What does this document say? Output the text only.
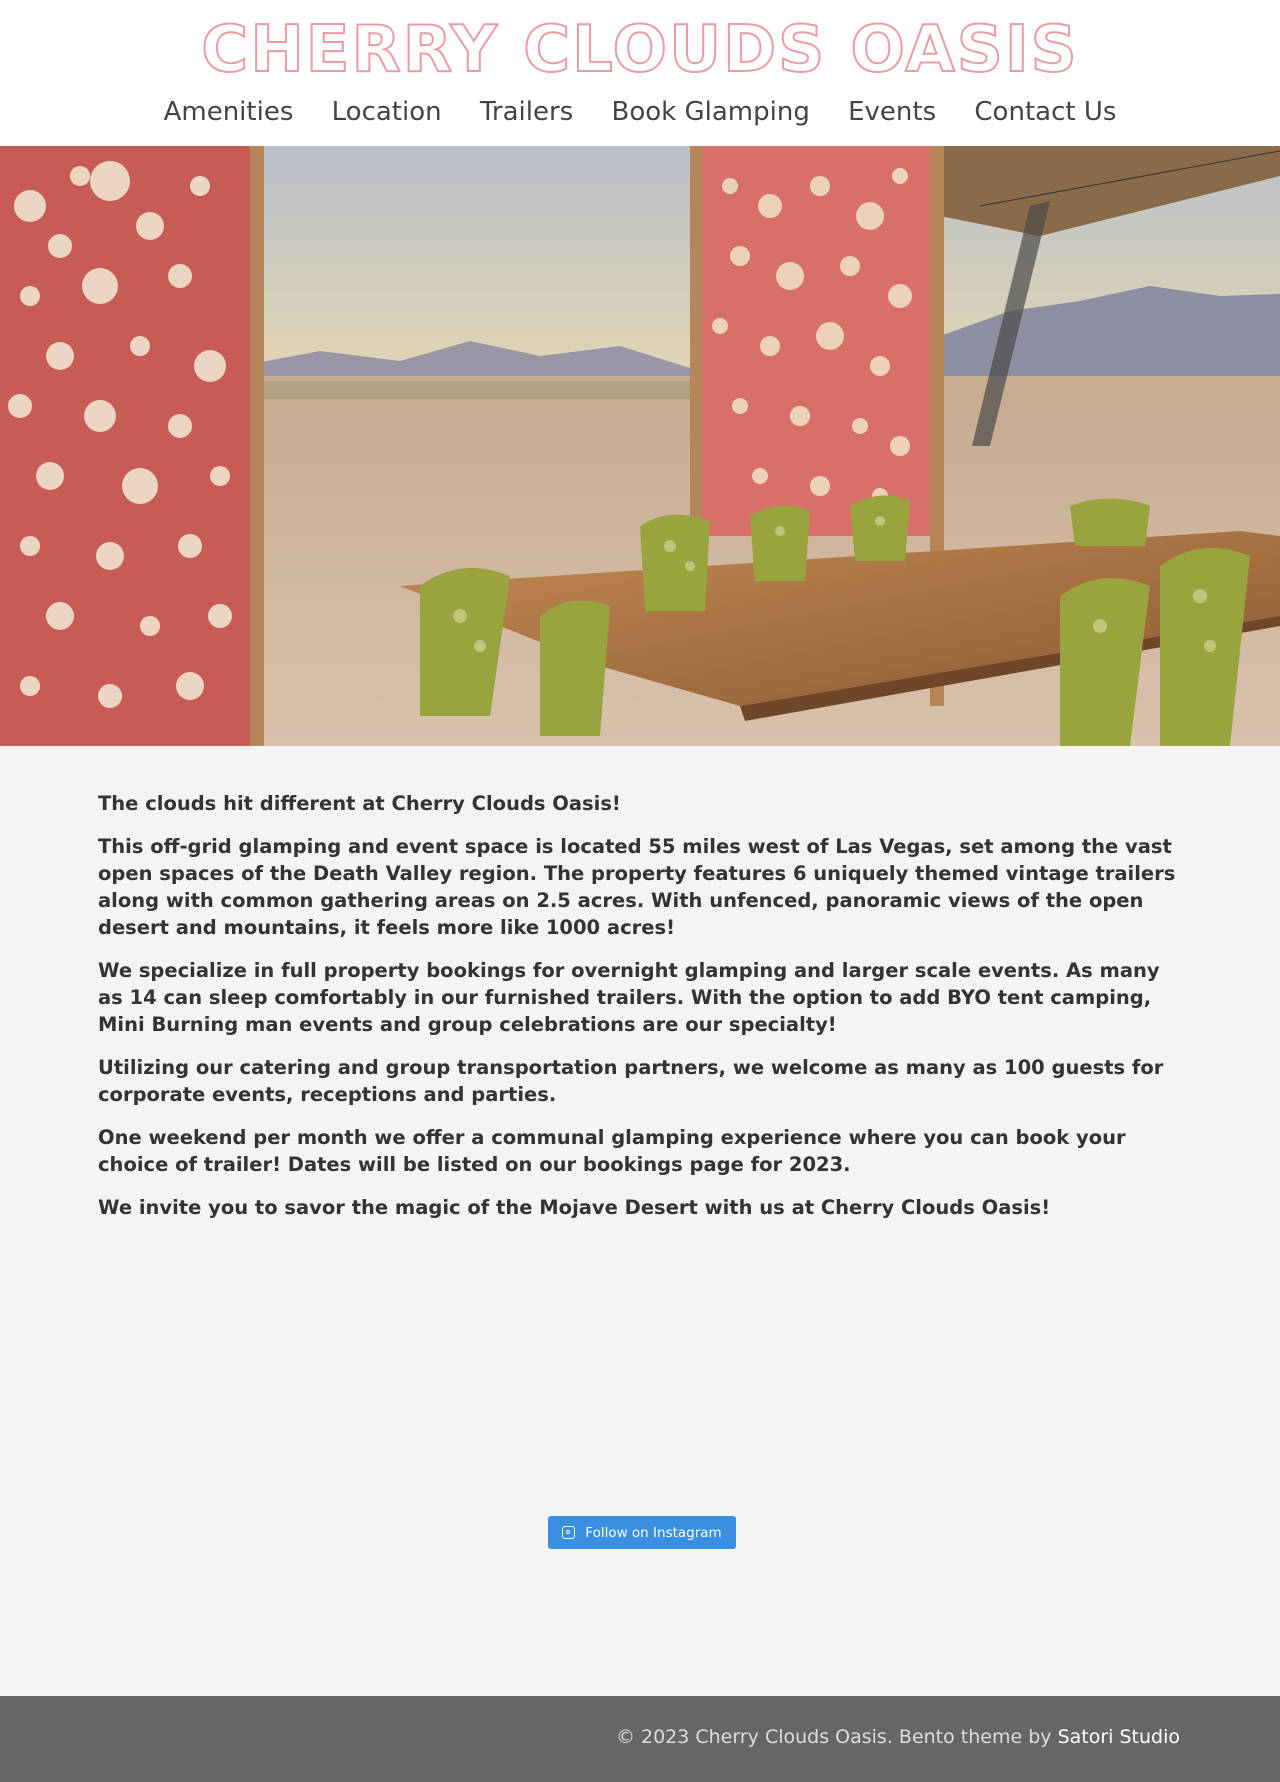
CHERRY CLOUDS OASIS
Amenities Location Trailers Book Glamping Events Contact Us

The clouds hit different at Cherry Clouds Oasis!

This off-grid glamping and event space is located 55 miles west of Las Vegas, set among the vast open spaces of the Death Valley region. The property features 6 uniquely themed vintage trailers along with common gathering areas on 2.5 acres. With unfenced, panoramic views of the open desert and mountains, it feels more like 1000 acres!

We specialize in full property bookings for overnight glamping and larger scale events. As many as 14 can sleep comfortably in our furnished trailers. With the option to add BYO tent camping, Mini Burning man events and group celebrations are our specialty!

Utilizing our catering and group transportation partners, we welcome as many as 100 guests for corporate events, receptions and parties.

One weekend per month we offer a communal glamping experience where you can book your choice of trailer! Dates will be listed on our bookings page for 2023.

We invite you to savor the magic of the Mojave Desert with us at Cherry Clouds Oasis!

Follow on Instagram
© 2023 Cherry Clouds Oasis. Bento theme by Satori Studio
